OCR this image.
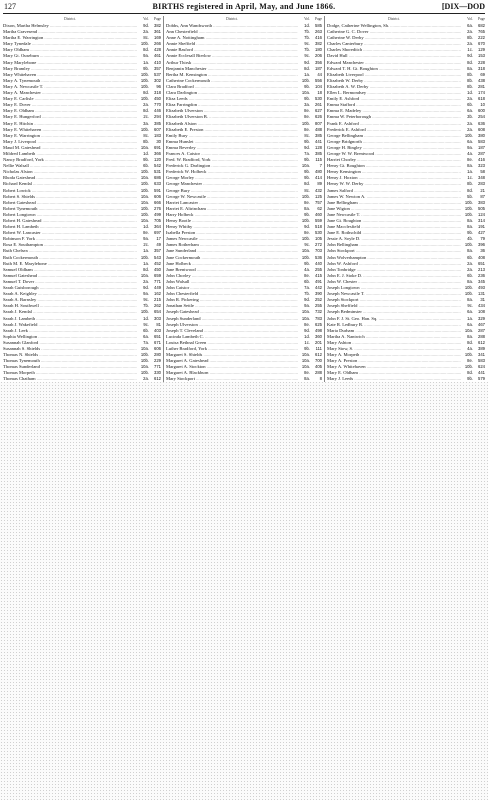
127	BIRTHS registered in April, May, and June 1866.	[DIX—DOD
District.	Vol.	Page
Dixon, Martha Helmsley .....	9d.	382
Martha Gravesend .....	2a.	361
Martha E. Warrington .....	8c.	169
Mary Tynedale .....	10b.	266
Mary Oldham .....	8d.	428
Mary Gt. Ouseburn .....	9a.	461
Mary Marylebone .....	1a.	410
Mary Bramley .....	9b.	357
Mary Whitehaven .....	10b.	537
Mary A. Tynemouth .....	10b.	302
Mary A. Newcastle T. .....	10b.	96
Mary A. Manchester .....	8d.	318
Mary E. Carlisle .....	10b.	450
Mary E. Dover .....	2a.	770
Mary E. Oldham .....	8d.	446
Mary E. Hungerford .....	2c.	294
Mary E. Hitchin .....	3a.	385
Mary E. Whitehaven .....	10b.	607
Mary E. Warrington .....	8c.	183
Mary J. Liverpool .....	8b.	30
Maud M. Gateshead .....	10a.	691
Mildred Lambeth .....	1d.	366
Nancy Bradford, York .....	9b.	120
Nellie Walsall .....	6b.	542
Nicholas Alston .....	10b.	531
Rhoda Gateshead .....	10a.	686
Richard Kendal .....	10b.	633
Robert Lowick .....	10b.	591
Robert S. Shields .....	10a.	606
Robert Gateshead .....	10a.	666
Robert Tynemouth .....	10b.	276
Robert Longtown .....	10b.	499
Robert H. Gateshead .....	10a.	705
Robert H. Lambeth .....	1d.	364
Robert W. Lancaster .....	8e.	697
Robinson F. York .....	9a.	17
Rosa E. Southampton .....	2c.	49
Ruth Chelsea .....	1a.	357
Ruth Cockermouth .....	10b.	543
Ruth M. E. Marylebone .....	1a.	452
Samuel Oldham .....	8d.	450
Samuel Gateshead .....	10a.	659
Samuel T. Dover .....	2a.	771
Sarah Guisborough .....	9d.	449
Sarah A. Keighley .....	9a.	162
Sarah A. Barnsley .....	9c.	215
Sarah H. Southwell .....	7b.	262
Sarah J. Kendal .....	10b.	654
Sarah J. Lambeth .....	1d.	303
Sarah J. Wakefield .....	9c.	81
Sarah J. Leek .....	6b.	403
Sophia Wellington .....	6a.	651
Susannah Glanford .....	7a.	671
Susannah S. Shields .....	10a.	606
Thomas N. Shields .....	10b.	280
Thomas Tynemouth .....	10b.	229
Thomas Sunderland .....	10a.	771
Thomas Morpeth .....	10b.	330
Thomas Chatham .....	2a.	612
District.	Vol.	Page
Dobbs, Ann Wandsworth .....	1d.	585
Ann Chesterfield .....	7b.	263
Anne A. Nottingham .....	7b.	416
Annie Sheffield .....	9c.	382
Annie Basford .....	7b.	180
Annie Ecclesall Bierlow .....	9c.	206
Arthur Thirsk .....	9d.	356
Benjamin Manchester .....	8d.	187
Bertha M. Kensington .....	1a.	44
Catherine Cockermouth .....	10b.	556
Clara Bradford .....	9b.	104
Clara Darlington .....	10a.	18
Eliza Leeds .....	9b.	530
Eliza Farringdon .....	3a.	261
Elizabeth Ulverston .....	8e.	627
Elizabeth Ulverston B. .....	8e.	626
Elizabeth Alston .....	10b.	807
Elizabeth E. Preston .....	8e.	488
Emily Bury .....	8c.	385
Emma Hunslet .....	9b.	441
Emma Beverley .....	9d.	128
Frances A. Caistor .....	7a.	385
Fred. W. Bradford, York .....	9b.	115
Frederick G. Darlington .....	10a.	7
Frederick W. Holbeck .....	9b.	480
George Morley .....	9b.	414
George Manchester .....	8d.	89
George Bury .....	8c.	432
George W. Newcastle .....	10b.	125
Harriet Lancaster .....	8e.	757
Harriet E. Altrincham .....	8a.	62
Harry Holbeck .....	9b.	460
Henry Bootle .....	10b.	559
Henry Whitby .....	9d.	518
Isabella Preston .....	8e.	530
James Newcastle .....	10b.	105
James Rotherham .....	9c.	272
Jane Sunderland .....	10a.	703
Jane Cockermouth .....	10b.	536
Jane Holbeck .....	9b.	440
Jane Brentwood .....	4a.	255
John Chorley .....	8e.	415
John Walsall .....	6b.	491
John Caistor .....	7a.	442
John Chesterfield .....	7b.	390
John R. Pickering .....	9d.	252
Jonathan Settle .....	9a.	255
Joseph Gateshead .....	10a.	732
Joseph Sunderland .....	10a.	783
Joseph Ulverston .....	8e.	625
Joseph T. Cleveland .....	9d.	498
Lucinda Lambeth C. .....	1d.	360
Louisa Bethnal Green .....	1c.	201
Luther Bradford, York .....	9b.	111
Margaret S. Shields .....	10a.	612
Margaret A. Gateshead .....	10a.	700
Margaret A. Stockton .....	10a.	405
Margaret A. Blackburn .....	8e.	288
Mary Stockport .....	8a.	8
District.	Vol.	Page
Dodge, Catherine Wellington, Sh. .....	6a.	682
Catherine G. C. Dover .....	2a.	765
Catherine W. Derby .....	8b.	222
Charles Canterbury .....	2a.	670
Charles Shoreditch .....	1c.	129
David Hull .....	9d.	153
Edward Manchester .....	8d.	228
Edward T. H. Gt. Boughton .....	8a.	318
Elizabeth Liverpool .....	8b.	69
Elizabeth W. Derby .....	8b.	438
Elizabeth A. W. Derby .....	8b.	281
Ellen L. Bermondsey .....	1d.	174
Emily E. Ashford .....	2a.	618
Emma Stafford .....	6b.	10
Emma E. Madeley .....	6a.	600
Emma W. Peterborough .....	3b.	254
Frank E. Ashford .....	2a.	636
Frederick E. Ashford .....	2a.	608
George Bellingham .....	10b.	380
George Bridgnorth .....	6a.	583
George H. Bingley .....	9a.	187
George W. W. Brentwood .....	4a.	287
Harriet Chorley .....	8e.	416
Henry Gt. Boughton .....	8a.	323
Henry Kensington .....	1a.	58
Henry J. Hoxton .....	1c.	348
Henry W. W. Derby .....	8b.	283
James Salford .....	8d.	21
James W. Newton A. .....	5b.	87
Jane Bellingham .....	10b.	383
Jane Wigton .....	10b.	505
Jane Newcastle T. .....	10b.	124
Jane Gt. Boughton .....	8a.	314
Jane Macclesfield .....	8a.	191
Jane E. Rothschild .....	9b.	427
Jessie A. Soyle D. .....	4b.	79
John Bellingham .....	10b.	396
John Stockport .....	8a.	36
John Wolverhampton .....	6b.	408
John W. Ashford .....	2a.	651
John Tonbridge .....	2a.	213
John E. J. Stoke D. .....	6b.	236
John W. Chester .....	8a.	345
Joseph Longtown .....	10b.	493
Joseph Newcastle T. .....	10b.	131
Joseph Stockport .....	8a.	31
Joseph Sheffield .....	9c.	434
Joseph Bedminster .....	6a.	108
John F. J. St. Geo. Han. Sq. .....	1a.	329
Kate R. Ledbury B. .....	6a.	467
Maria Durham .....	10a.	287
Martha A. Nantwich .....	8a.	288
Mary Ashton .....	8d.	612
Mary Stow, S. .....	4a.	389
Mary A. Morpeth .....	10b.	341
Mary A. Preston .....	8e.	583
Mary A. Whitehaven .....	10b.	624
Mary E. Oldham .....	8d.	441
Mary J. Leeds .....	9b.	579
